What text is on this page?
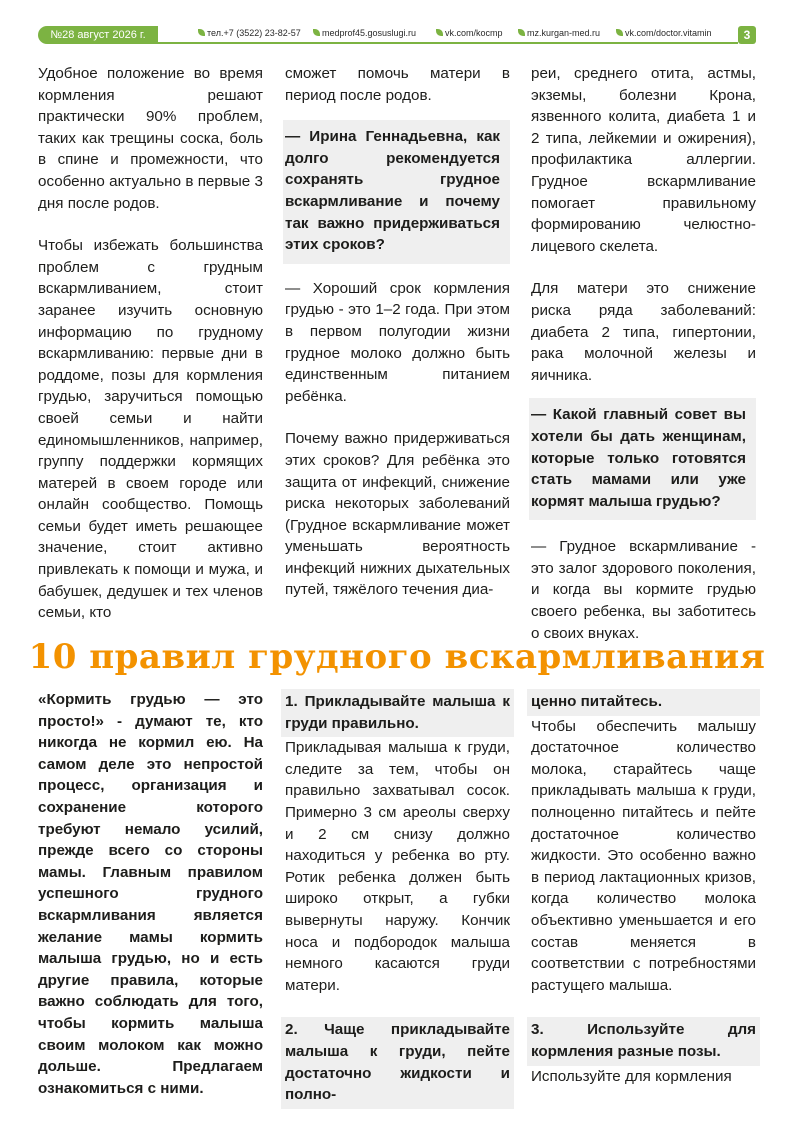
№28 август 2026 г.	тел.+7 (3522) 23-82-57	medprof45.gosuslugi.ru	vk.com/kocmp	mz.kurgan-med.ru	vk.com/doctor.vitamin	3

Удобное положение во время кормления решают практически 90% проблем, таких как трещины соска, боль в спине и промежности, что особенно актуально в первые 3 дня после родов.

Чтобы избежать большинства проблем с грудным вскармливанием, стоит заранее изучить основную информацию по грудному вскармливанию: первые дни в роддоме, позы для кормления грудью, заручиться помощью своей семьи и найти единомышленников, например, группу поддержки кормящих матерей в своем городе или онлайн сообщество. Помощь семьи будет иметь решающее значение, стоит активно привлекать к помощи и мужа, и бабушек, дедушек и тех членов семьи, кто

сможет помочь матери в период после родов.

— Ирина Геннадьевна, как долго рекомендуется сохранять грудное вскармливание и почему так важно придерживаться этих сроков?

— Хороший срок кормления грудью - это 1–2 года. При этом в первом полугодии жизни грудное молоко должно быть единственным питанием ребёнка.

Почему важно придерживаться этих сроков? Для ребёнка это защита от инфекций, снижение риска некоторых заболеваний (Грудное вскармливание может уменьшать вероятность инфекций нижних дыхательных путей, тяжёлого течения диа-

реи, среднего отита, астмы, экземы, болезни Крона, язвенного колита, диабета 1 и 2 типа, лейкемии и ожирения), профилактика аллергии. Грудное вскармливание помогает правильному формированию челюстно-лицевого скелета.

Для матери это снижение риска ряда заболеваний: диабета 2 типа, гипертонии, рака молочной железы и яичника.

— Какой главный совет вы хотели бы дать женщинам, которые только готовятся стать мамами или уже кормят малыша грудью?

— Грудное вскармливание - это залог здорового поколения, и когда вы кормите грудью своего ребенка, вы заботитесь о своих внуках.

10 правил грудного вскармливания

«Кормить грудью — это просто!» - думают те, кто никогда не кормил ею. На самом деле это непростой процесс, организация и сохранение которого требуют немало усилий, прежде всего со стороны мамы. Главным правилом успешного грудного вскармливания является желание мамы кормить малыша грудью, но и есть другие правила, которые важно соблюдать для того, чтобы кормить малыша своим молоком как можно дольше. Предлагаем ознакомиться с ними.

1. Прикладывайте малыша к груди правильно.

Прикладывая малыша к груди, следите за тем, чтобы он правильно захватывал сосок. Примерно 3 см ареолы сверху и 2 см снизу должно находиться у ребенка во рту. Ротик ребенка должен быть широко открыт, а губки вывернуты наружу. Кончик носа и подбородок малыша немного касаются груди матери.

2. Чаще прикладывайте малыша к груди, пейте достаточно жидкости и полно-
ценно питайтесь.

Чтобы обеспечить малышу достаточное количество молока, старайтесь чаще прикладывать малыша к груди, полноценно питайтесь и пейте достаточное количество жидкости. Это особенно важно в период лактационных кризов, когда количество молока объективно уменьшается и его состав меняется в соответствии с потребностями растущего малыша.

3. Используйте для кормления разные позы.

Используйте для кормления
